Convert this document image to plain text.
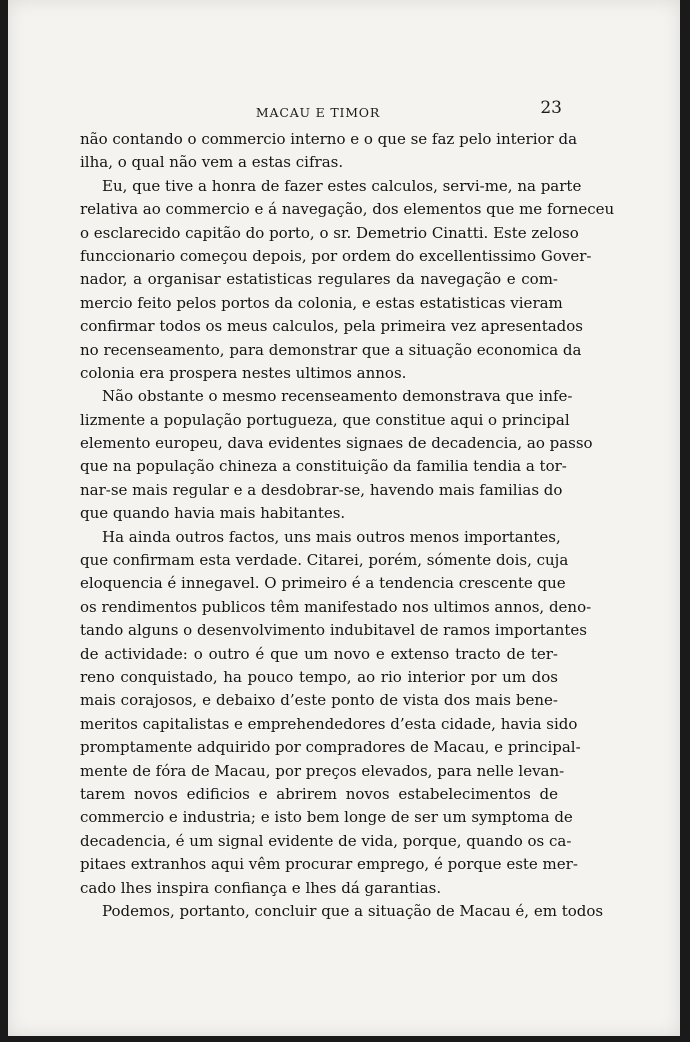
MACAU E TIMOR	23
não contando o commercio interno e o que se faz pelo interior da
ilha, o qual não vem a estas cifras.
Eu, que tive a honra de fazer estes calculos, servi-me, na parte
relativa ao commercio e á navegação, dos elementos que me forneceu
o esclarecido capitão do porto, o sr. Demetrio Cinatti. Este zeloso
funccionario começou depois, por ordem do excellentissimo Gover-
nador, a organisar estatisticas regulares da navegação e com-
mercio feito pelos portos da colonia, e estas estatisticas vieram
confirmar todos os meus calculos, pela primeira vez apresentados
no recenseamento, para demonstrar que a situação economica da
colonia era prospera nestes ultimos annos.
Não obstante o mesmo recenseamento demonstrava que infe-
lizmente a população portugueza, que constitue aqui o principal
elemento europeu, dava evidentes signaes de decadencia, ao passo
que na população chineza a constituição da familia tendia a tor-
nar-se mais regular e a desdobrar-se, havendo mais familias do
que quando havia mais habitantes.
Ha ainda outros factos, uns mais outros menos importantes,
que confirmam esta verdade. Citarei, porém, sómente dois, cuja
eloquencia é innegavel. O primeiro é a tendencia crescente que
os rendimentos publicos têm manifestado nos ultimos annos, deno-
tando alguns o desenvolvimento indubitavel de ramos importantes
de actividade: o outro é que um novo e extenso tracto de ter-
reno conquistado, ha pouco tempo, ao rio interior por um dos
mais corajosos, e debaixo d’este ponto de vista dos mais bene-
meritos capitalistas e emprehendedores d’esta cidade, havia sido
promptamente adquirido por compradores de Macau, e principal-
mente de fóra de Macau, por preços elevados, para nelle levan-
tarem novos edificios e abrirem novos estabelecimentos de
commercio e industria; e isto bem longe de ser um symptoma de
decadencia, é um signal evidente de vida, porque, quando os ca-
pitaes extranhos aqui vêm procurar emprego, é porque este mer-
cado lhes inspira confiança e lhes dá garantias.
Podemos, portanto, concluir que a situação de Macau é, em todos
